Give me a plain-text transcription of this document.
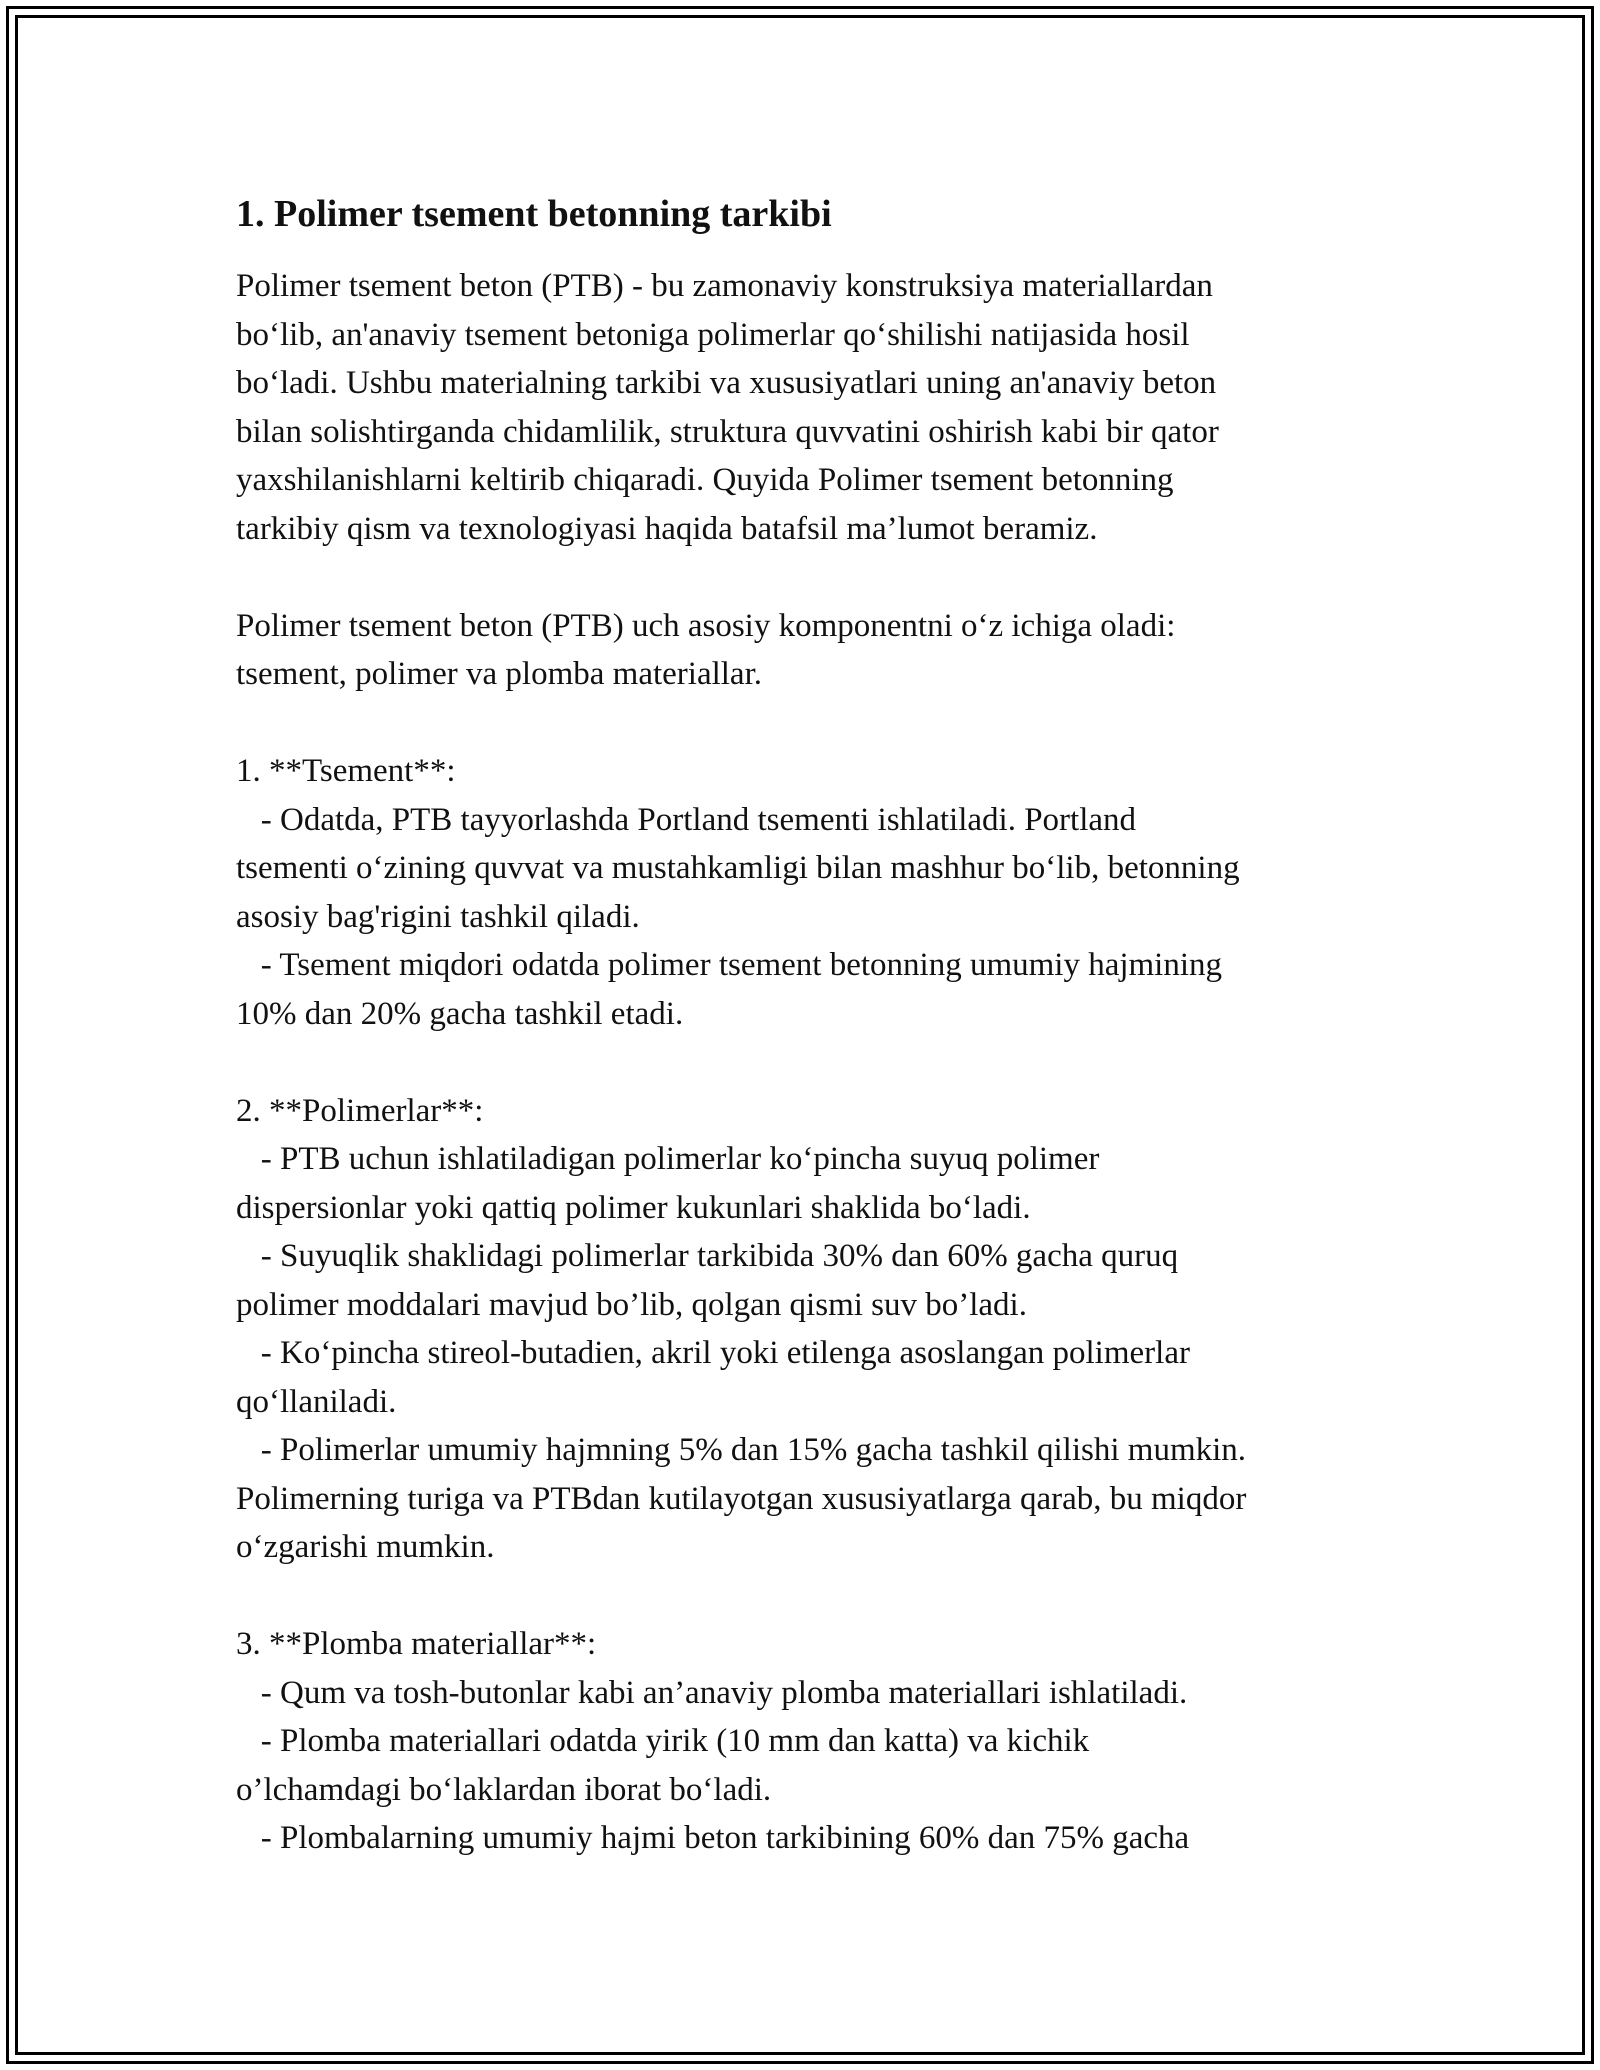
1. Polimer tsement betonning tarkibi
Polimer tsement beton (PTB) - bu zamonaviy konstruksiya materiallardan
bo‘lib, an'anaviy tsement betoniga polimerlar qo‘shilishi natijasida hosil
bo‘ladi. Ushbu materialning tarkibi va xususiyatlari uning an'anaviy beton
bilan solishtirganda chidamlilik, struktura quvvatini oshirish kabi bir qator
yaxshilanishlarni keltirib chiqaradi. Quyida Polimer tsement betonning
tarkibiy qism va texnologiyasi haqida batafsil ma’lumot beramiz.
Polimer tsement beton (PTB) uch asosiy komponentni o‘z ichiga oladi:
tsement, polimer va plomba materiallar.
1. **Tsement**:
- Odatda, PTB tayyorlashda Portland tsementi ishlatiladi. Portland
tsementi o‘zining quvvat va mustahkamligi bilan mashhur bo‘lib, betonning
asosiy bag'rigini tashkil qiladi.
- Tsement miqdori odatda polimer tsement betonning umumiy hajmining
10% dan 20% gacha tashkil etadi.
2. **Polimerlar**:
- PTB uchun ishlatiladigan polimerlar ko‘pincha suyuq polimer
dispersionlar yoki qattiq polimer kukunlari shaklida bo‘ladi.
- Suyuqlik shaklidagi polimerlar tarkibida 30% dan 60% gacha quruq
polimer moddalari mavjud bo’lib, qolgan qismi suv bo’ladi.
- Ko‘pincha stireol-butadien, akril yoki etilenga asoslangan polimerlar
qo‘llaniladi.
- Polimerlar umumiy hajmning 5% dan 15% gacha tashkil qilishi mumkin.
Polimerning turiga va PTBdan kutilayotgan xususiyatlarga qarab, bu miqdor
o‘zgarishi mumkin.
3. **Plomba materiallar**:
- Qum va tosh-butonlar kabi an’anaviy plomba materiallari ishlatiladi.
- Plomba materiallari odatda yirik (10 mm dan katta) va kichik
o’lchamdagi bo‘laklardan iborat bo‘ladi.
- Plombalarning umumiy hajmi beton tarkibining 60% dan 75% gacha
